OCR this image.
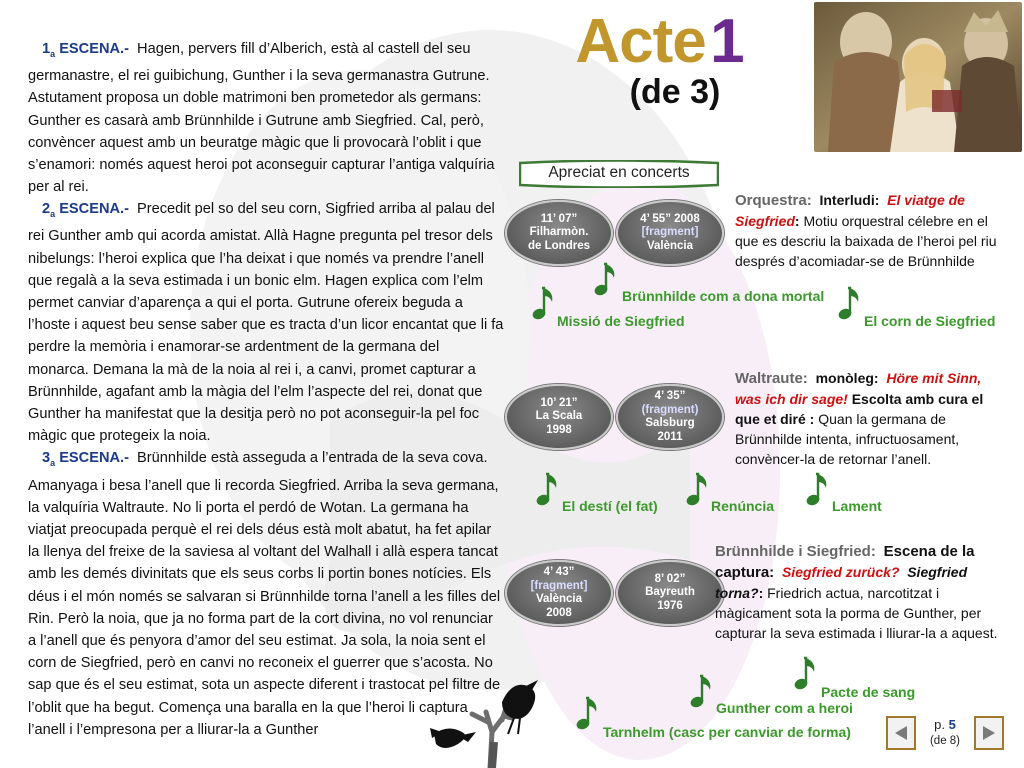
$1_a$ ESCENA.- Hagen, pervers fill d’Alberich, està al castell del seu germanastre, el rei guibichung, Gunther i la seva germanastra Gutrune. Astutament proposa un doble matrimoni ben prometedor als germans: Gunther es casarà amb Brünnhilde i Gutrune amb Siegfried. Cal, però, convèncer aquest amb un beuratge màgic que li provocarà l’oblit i que s’enamori: només aquest heroi pot aconseguir capturar l’antiga valquíria per al rei.

$2_a$ ESCENA.- Precedit pel so del seu corn, Sigfried arriba al palau del rei Gunther amb qui acorda amistat. Allà Hagne pregunta pel tresor dels nibelungs: l’heroi explica que l’ha deixat i que només va prendre l’anell que regalà a la seva estimada i un bonic elm. Hagen explica com l’elm permet canviar d’aparença a qui el porta. Gutrune ofereix beguda a l’hoste i aquest beu sense saber que es tracta d’un licor encantat que li fa perdre la memòria i enamorar-se ardentment de la germana del monarca. Demana la mà de la noia al rei i, a canvi, promet capturar a Brünnhilde, agafant amb la màgia del l’elm l’aspecte del rei, donat que Gunther ha manifestat que la desitja però no pot aconseguir-la pel foc màgic que protegeix la noia.

$3_a$ ESCENA.- Brünnhilde està asseguda a l’entrada de la seva cova. Amanyaga i besa l’anell que li recorda Siegfried. Arriba la seva germana, la valquíria Waltraute. No li porta el perdó de Wotan. La germana ha viatjat preocupada perquè el rei dels déus està molt abatut, ha fet apilar la llenya del freixe de la saviesa al voltant del Walhall i allà espera tancat amb les demés divinitats que els seus corbs li portin bones notícies. Els déus i el món només se salvaran si Brünnhilde torna l’anell a les filles del Rin. Però la noia, que ja no forma part de la cort divina, no vol renunciar a l’anell que és penyora d’amor del seu estimat. Ja sola, la noia sent el corn de Siegfried, però en canvi no reconeix el guerrer que s’acosta. No sap que és el seu estimat, sota un aspecte diferent i trastocat pel filtre de l’oblit que ha begut. Comença una baralla en la que l’heroi li captura l’anell i l’empresona per a lliurar-la a Gunther

Acte 1
(de 3)
Apreciat en concerts
11’ 07”
Filharmòn.
de Londres
4’ 55” 2008
[fragment]
València
10’ 21”
La Scala
1998
4’ 35”
(fragment)
Salsburg
2011
4’ 43”
[fragment]
València
2008
8’ 02”
Bayreuth
1976
Orquestra: Interludi: El viatge de Siegfried: Motiu orquestral célebre en el que es descriu la baixada de l’heroi pel riu després d’acomiadar-se de Brünnhilde
Waltraute: monòleg: Höre mit Sinn, was ich dir sage! Escolta amb cura el que et diré : Quan la germana de Brünnhilde intenta, infructuosament, convèncer-la de retornar l’anell.
Brünnhilde i Siegfried: Escena de la captura: Siegfried zurück? Siegfried torna?: Friedrich actua, narcotitzat i màgicament sota la porma de Gunther, per capturar la seva estimada i lliurar-la a aquest.
Brünnhilde com a dona mortal
Missió de Siegfried	El corn de Siegfried
El destí (el fat)	Renúncia	Lament
Pacte de sang
Gunther com a heroi
Tarnhelm (casc per canviar de forma)	p. 5
(de 8)
